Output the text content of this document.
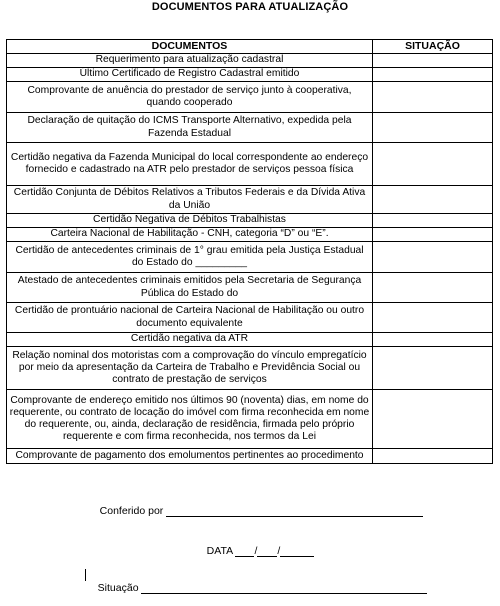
DOCUMENTOS PARA ATUALIZAÇÃO
DOCUMENTOS	SITUAÇÃO
Requerimento para atualização cadastral	
Último Certificado de Registro Cadastral emitido	
Comprovante de anuência do prestador de serviço junto à cooperativa, quando cooperado	
Declaração de quitação do ICMS Transporte Alternativo, expedida pela Fazenda Estadual	
Certidão negativa da Fazenda Municipal do local correspondente ao endereço fornecido e cadastrado na ATR pelo prestador de serviços pessoa física	
Certidão Conjunta de Débitos Relativos a Tributos Federais e da Dívida Ativa da União	
Certidão Negativa de Débitos Trabalhistas	
Carteira Nacional de Habilitação - CNH, categoria “D” ou “E”.	
Certidão de antecedentes criminais de 1° grau emitida pela Justiça Estadual do Estado do _________	
Atestado de antecedentes criminais emitidos pela Secretaria de Segurança Pública do Estado do	
Certidão de prontuário nacional de Carteira Nacional de Habilitação ou outro documento equivalente	
Certidão negativa da ATR	
Relação nominal dos motoristas com a comprovação do vínculo empregatício por meio da apresentação da Carteira de Trabalho e Previdência Social ou contrato de prestação de serviços	
Comprovante de endereço emitido nos últimos 90 (noventa) dias, em nome do requerente, ou contrato de locação do imóvel com firma reconhecida em nome do requerente, ou, ainda, declaração de residência, firmada pelo próprio requerente e com firma reconhecida, nos termos da Lei	
Comprovante de pagamento dos emolumentos pertinentes ao procedimento	

Conferido por

DATA / /

Situação
